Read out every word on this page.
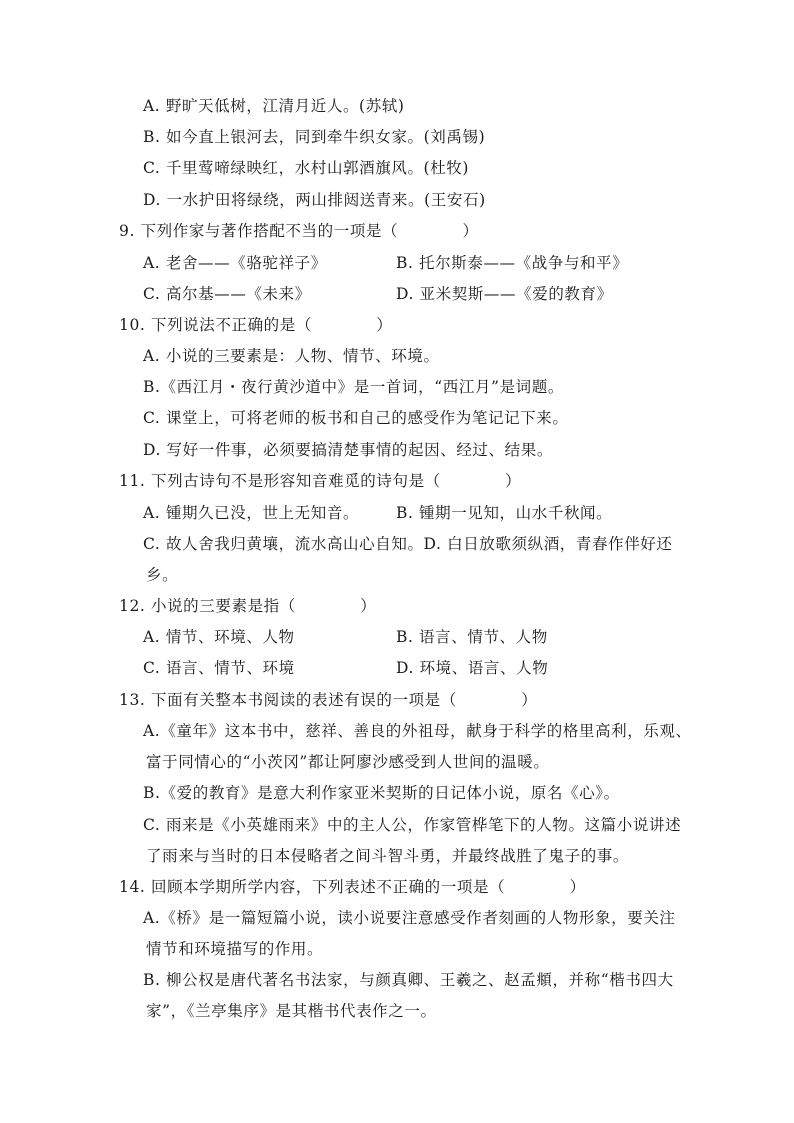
A. 野旷天低树，江清月近人。(苏轼)
B. 如今直上银河去，同到牵牛织女家。(刘禹锡)
C. 千里莺啼绿映红，水村山郭酒旗风。(杜牧)
D. 一水护田将绿绕，两山排闼送青来。(王安石)
9. 下列作家与著作搭配不当的一项是（　　　　）
A. 老舍——《骆驼祥子》	B. 托尔斯泰——《战争与和平》
C. 高尔基——《未来》	D. 亚米契斯——《爱的教育》
10. 下列说法不正确的是（　　　　）
A. 小说的三要素是：人物、情节、环境。
B.《西江月・夜行黄沙道中》是一首词，“西江月”是词题。
C. 课堂上，可将老师的板书和自己的感受作为笔记记下来。
D. 写好一件事，必须要搞清楚事情的起因、经过、结果。
11. 下列古诗句不是形容知音难觅的诗句是（　　　　）
A. 锺期久已没，世上无知音。 B. 锺期一见知，山水千秋闻。
C. 故人舍我归黄壤，流水高山心自知。D. 白日放歌须纵酒，青春作伴好还
乡。
12. 小说的三要素是指（　　　　）
A. 情节、环境、人物	B. 语言、情节、人物
C. 语言、情节、环境	D. 环境、语言、人物
13. 下面有关整本书阅读的表述有误的一项是（　　　　）
A.《童年》这本书中，慈祥、善良的外祖母，献身于科学的格里高利，乐观、
富于同情心的“小茨冈”都让阿廖沙感受到人世间的温暖。
B.《爱的教育》是意大利作家亚米契斯的日记体小说，原名《心》。
C. 雨来是《小英雄雨来》中的主人公，作家管桦笔下的人物。这篇小说讲述
了雨来与当时的日本侵略者之间斗智斗勇，并最终战胜了鬼子的事。
14. 回顾本学期所学内容，下列表述不正确的一项是（　　　　）
A.《桥》是一篇短篇小说，读小说要注意感受作者刻画的人物形象，要关注
情节和环境描写的作用。
B. 柳公权是唐代著名书法家，与颜真卿、王羲之、赵孟頫，并称“楷书四大
家”，《兰亭集序》是其楷书代表作之一。
